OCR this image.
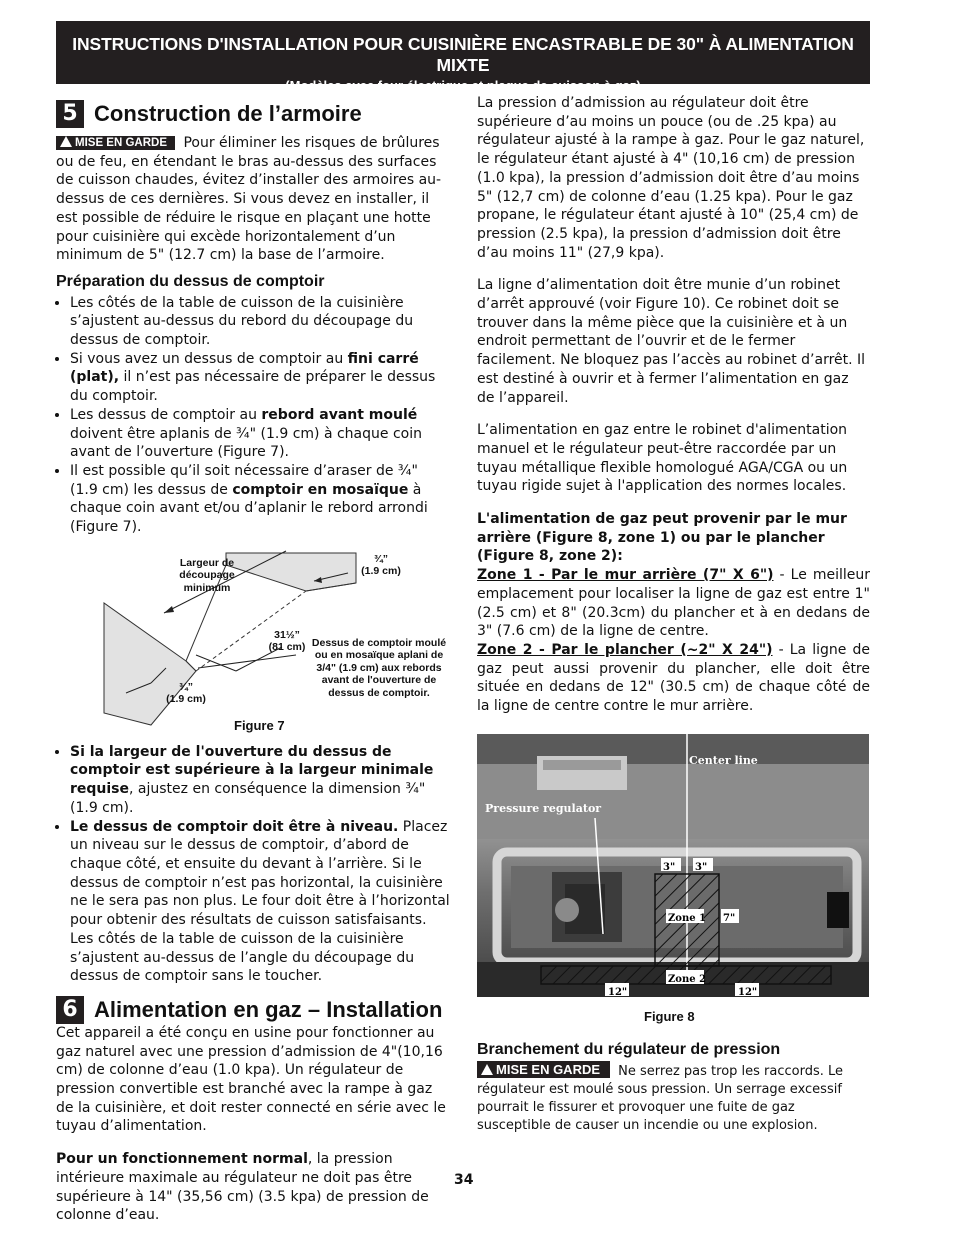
INSTRUCTIONS D'INSTALLATION POUR CUISINIÈRE ENCASTRABLE DE 30" À ALIMENTATION MIXTE
(Modèles avec four électrique et plaque de cuisson à gaz)
5 Construction de l’armoire

MISE EN GARDE Pour éliminer les risques de brûlures ou de feu, en étendant le bras au-dessus des surfaces de cuisson chaudes, évitez d’installer des armoires au-dessus de ces dernières. Si vous devez en installer, il est possible de réduire le risque en plaçant une hotte pour cuisinière qui excède horizontalement d’un minimum de 5" (12.7 cm) la base de l’armoire.

Préparation du dessus de comptoir
• Les côtés de la table de cuisson de la cuisinière s’ajustent au-dessus du rebord du découpage du dessus de comptoir.
• Si vous avez un dessus de comptoir au fini carré (plat), il n’est pas nécessaire de préparer le dessus du comptoir.
• Les dessus de comptoir au rebord avant moulé doivent être aplanis de ¾" (1.9 cm) à chaque coin avant de l’ouverture (Figure 7).
• Il est possible qu’il soit nécessaire d’araser de ¾" (1.9 cm) les dessus de comptoir en mosaïque à chaque coin avant et/ou d’aplanir le rebord arrondi (Figure 7).
Largeur de découpage minimum
¾”
(1.9 cm)
31½”
(81 cm) Dessus de comptoir moulé ou en mosaïque aplani de 3/4" (1.9 cm) aux rebords avant de l'ouverture de dessus de comptoir.
¾”
(1.9 cm)
Figure 7
• Si la largeur de l'ouverture du dessus de comptoir est supérieure à la largeur minimale requise, ajustez en conséquence la dimension ¾" (1.9 cm).
• Le dessus de comptoir doit être à niveau. Placez un niveau sur le dessus de comptoir, d’abord de chaque côté, et ensuite du devant à l’arrière. Si le dessus de comptoir n’est pas horizontal, la cuisinière ne le sera pas non plus. Le four doit être à l’horizontal pour obtenir des résultats de cuisson satisfaisants. Les côtés de la table de cuisson de la cuisinière s’ajustent au-dessus de l’angle du découpage du dessus de comptoir sans le toucher.
6 Alimentation en gaz – Installation

Cet appareil a été conçu en usine pour fonctionner au gaz naturel avec une pression d’admission de 4"(10,16 cm) de colonne d’eau (1.0 kpa). Un régulateur de pression convertible est branché avec la rampe à gaz de la cuisinière, et doit rester connecté en série avec le tuyau d’alimentation.

Pour un fonctionnement normal, la pression intérieure maximale au régulateur ne doit pas être supérieure à 14" (35,56 cm) (3.5 kpa) de pression de colonne d’eau.

La pression d’admission au régulateur doit être supérieure d’au moins un pouce (ou de .25 kpa) au régulateur ajusté à la rampe à gaz. Pour le gaz naturel, le régulateur étant ajusté à 4" (10,16 cm) de pression (1.0 kpa), la pression d’admission doit être d’au moins 5" (12,7 cm) de colonne d’eau (1.25 kpa). Pour le gaz propane, le régulateur étant ajusté à 10" (25,4 cm) de pression (2.5 kpa), la pression d’admission doit être d’au moins 11" (27,9 kpa).

La ligne d’alimentation doit être munie d’un robinet d’arrêt approuvé (voir Figure 10). Ce robinet doit se trouver dans la même pièce que la cuisinière et à un endroit permettant de l’ouvrir et de le fermer facilement. Ne bloquez pas l’accès au robinet d’arrêt. Il est destiné à ouvrir et à fermer l’alimentation en gaz de l’appareil.

L’alimentation en gaz entre le robinet d'alimentation manuel et le régulateur peut-être raccordée par un tuyau métallique flexible homologué AGA/CGA ou un tuyau rigide sujet à l'application des normes locales.

L'alimentation de gaz peut provenir par le mur arrière (Figure 8, zone 1) ou par le plancher (Figure 8, zone 2):

Zone 1 - Par le mur arrière (7" X 6") - Le meilleur emplacement pour localiser la ligne de gaz est entre 1" (2.5 cm) et 8" (20.3cm) du plancher et à en dedans de 3" (7.6 cm) de la ligne de centre.

Zone 2 - Par le plancher (~2" X 24") - La ligne de gaz peut aussi provenir du plancher, elle doit être située en dedans de 12" (30.5 cm) de chaque côté de la ligne de centre contre le mur arrière.

Center line
Pressure regulator
3" 3"
Zone 1 7"
Zone 2
12"	12"
Figure 8
Branchement du régulateur de pression

MISE EN GARDE Ne serrez pas trop les raccords. Le régulateur est moulé sous pression. Un serrage excessif pourrait le fissurer et provoquer une fuite de gaz susceptible de causer un incendie ou une explosion.

34
